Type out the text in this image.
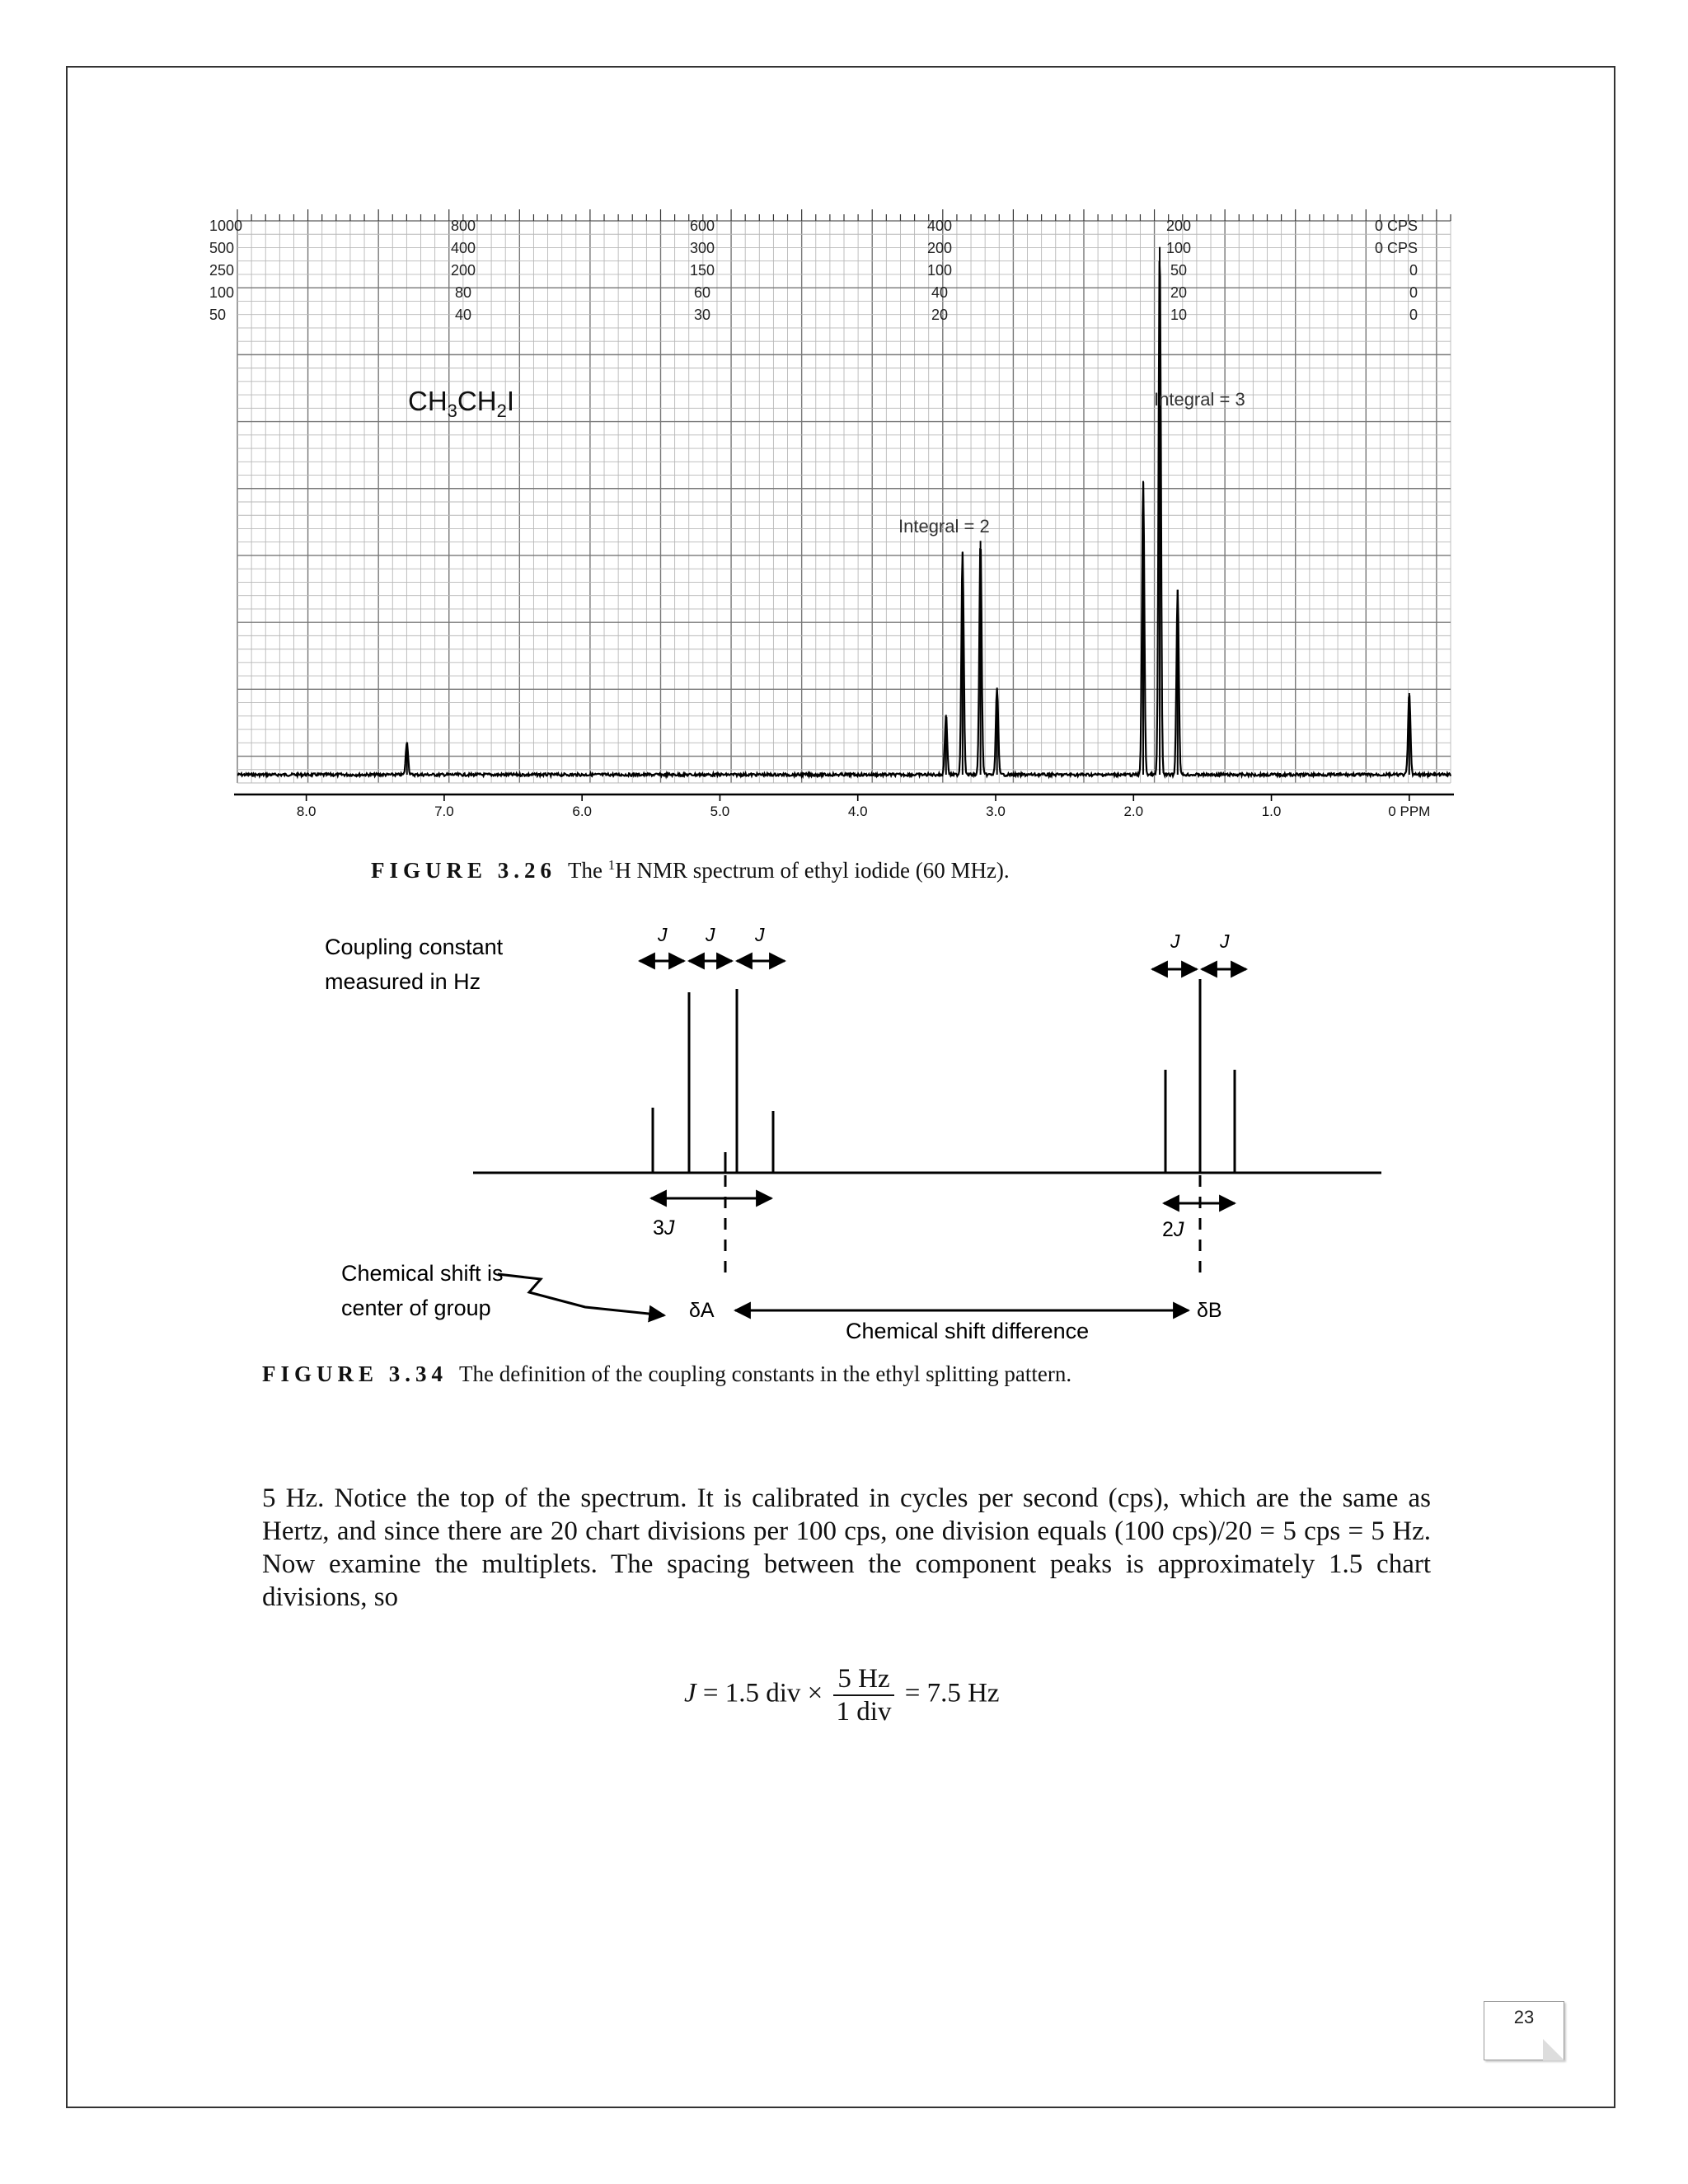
1000	800	600	400	200	0 CPS
500	400	300	200	100	0 CPS
250	200	150	100	50	0
100	80	60	40	20	0
50	40	30	20	10	0
8.0	7.0	6.0	5.0	4.0	3.0	2.0	1.0	0 PPM
$CH_3CH_2I$	Integral = 3
Integral = 2
FIGURE 3.26 The $^1$H NMR spectrum of ethyl iodide (60 MHz).
Coupling constant
measured in Hz
J J J	J J
3J	2J
Chemical shift is
center of group	δA	δB
Chemical shift difference
FIGURE 3.34 The definition of the coupling constants in the ethyl splitting pattern.
5 Hz. Notice the top of the spectrum. It is calibrated in cycles per second (cps), which are the same as Hertz, and since there are 20 chart divisions per 100 cps, one division equals (100 cps)/20 = 5 cps = 5 Hz. Now examine the multiplets. The spacing between the component peaks is approximately 1.5 chart divisions, so
J = 1.5 div × $\frac{5 Hz}{\text{1 div}} = 7.5$ Hz
23
